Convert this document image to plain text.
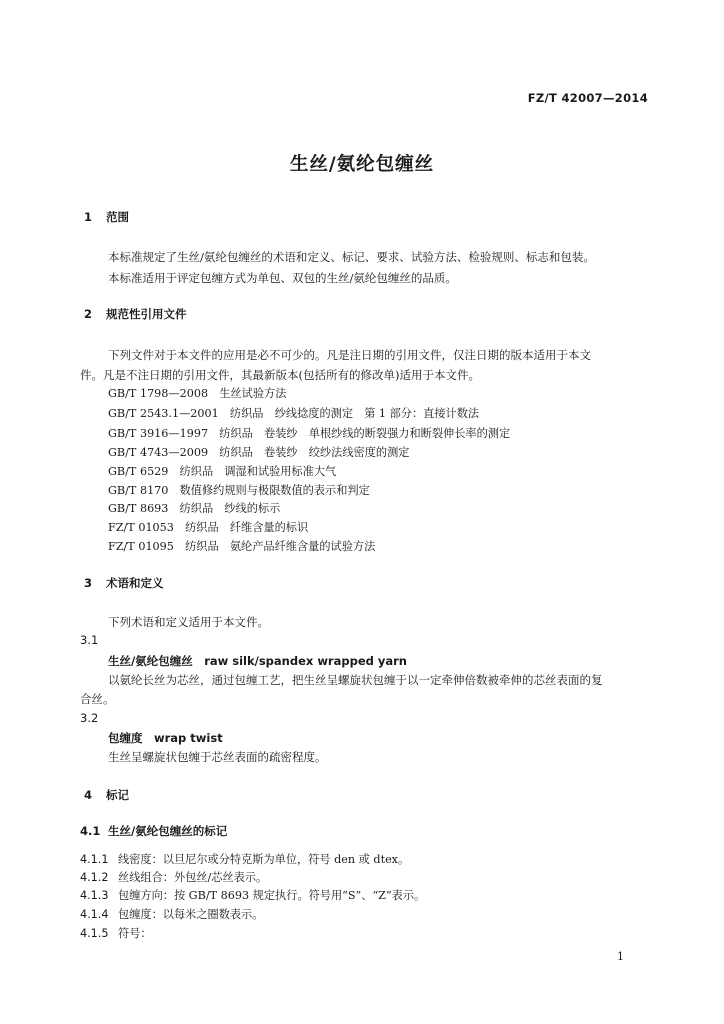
FZ/T 42007—2014
生丝/氨纶包缠丝
1 范围
本标准规定了生丝/氨纶包缠丝的术语和定义、标记、要求、试验方法、检验规则、标志和包装。
本标准适用于评定包缠方式为单包、双包的生丝/氨纶包缠丝的品质。
2 规范性引用文件
下列文件对于本文件的应用是必不可少的。凡是注日期的引用文件，仅注日期的版本适用于本文
件。凡是不注日期的引用文件，其最新版本(包括所有的修改单)适用于本文件。
GB/T 1798—2008　生丝试验方法
GB/T 2543.1—2001　纺织品　纱线捻度的测定　第 1 部分：直接计数法
GB/T 3916—1997　纺织品　卷装纱　单根纱线的断裂强力和断裂伸长率的测定
GB/T 4743—2009　纺织品　卷装纱　绞纱法线密度的测定
GB/T 6529　纺织品　调湿和试验用标准大气
GB/T 8170　数值修约规则与极限数值的表示和判定
GB/T 8693　纺织品　纱线的标示
FZ/T 01053　纺织品　纤维含量的标识
FZ/T 01095　纺织品　氨纶产品纤维含量的试验方法
3 术语和定义
下列术语和定义适用于本文件。
3.1
生丝/氨纶包缠丝　raw silk/spandex wrapped yarn
以氨纶长丝为芯丝，通过包缠工艺，把生丝呈螺旋状包缠于以一定牵伸倍数被牵伸的芯丝表面的复
合丝。
3.2
包缠度　wrap twist
生丝呈螺旋状包缠于芯丝表面的疏密程度。
4 标记
4.1 生丝/氨纶包缠丝的标记
4.1.1 线密度：以旦尼尔或分特克斯为单位，符号 den 或 dtex。
4.1.2 丝线组合：外包丝/芯丝表示。
4.1.3 包缠方向：按 GB/T 8693 规定执行。符号用“S”、“Z”表示。
4.1.4 包缠度：以每米之圈数表示。
4.1.5 符号：
1
